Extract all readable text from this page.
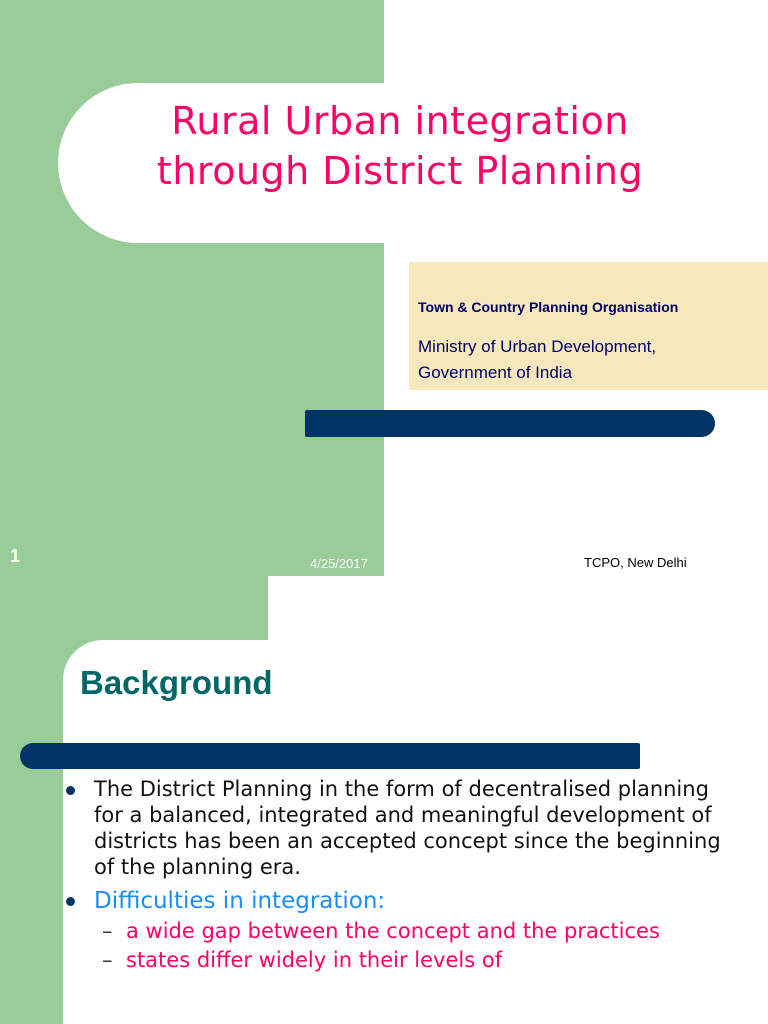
Rural Urban integration
through District Planning
Town & Country Planning Organisation
Ministry of Urban Development,
Government of India
1	4/25/2017	TCPO, New Delhi
Background
The District Planning in the form of decentralised planning for a balanced, integrated and meaningful development of districts has been an accepted concept since the beginning of the planning era.
Difficulties in integration:
– a wide gap between the concept and the practices
– states differ widely in their levels of
